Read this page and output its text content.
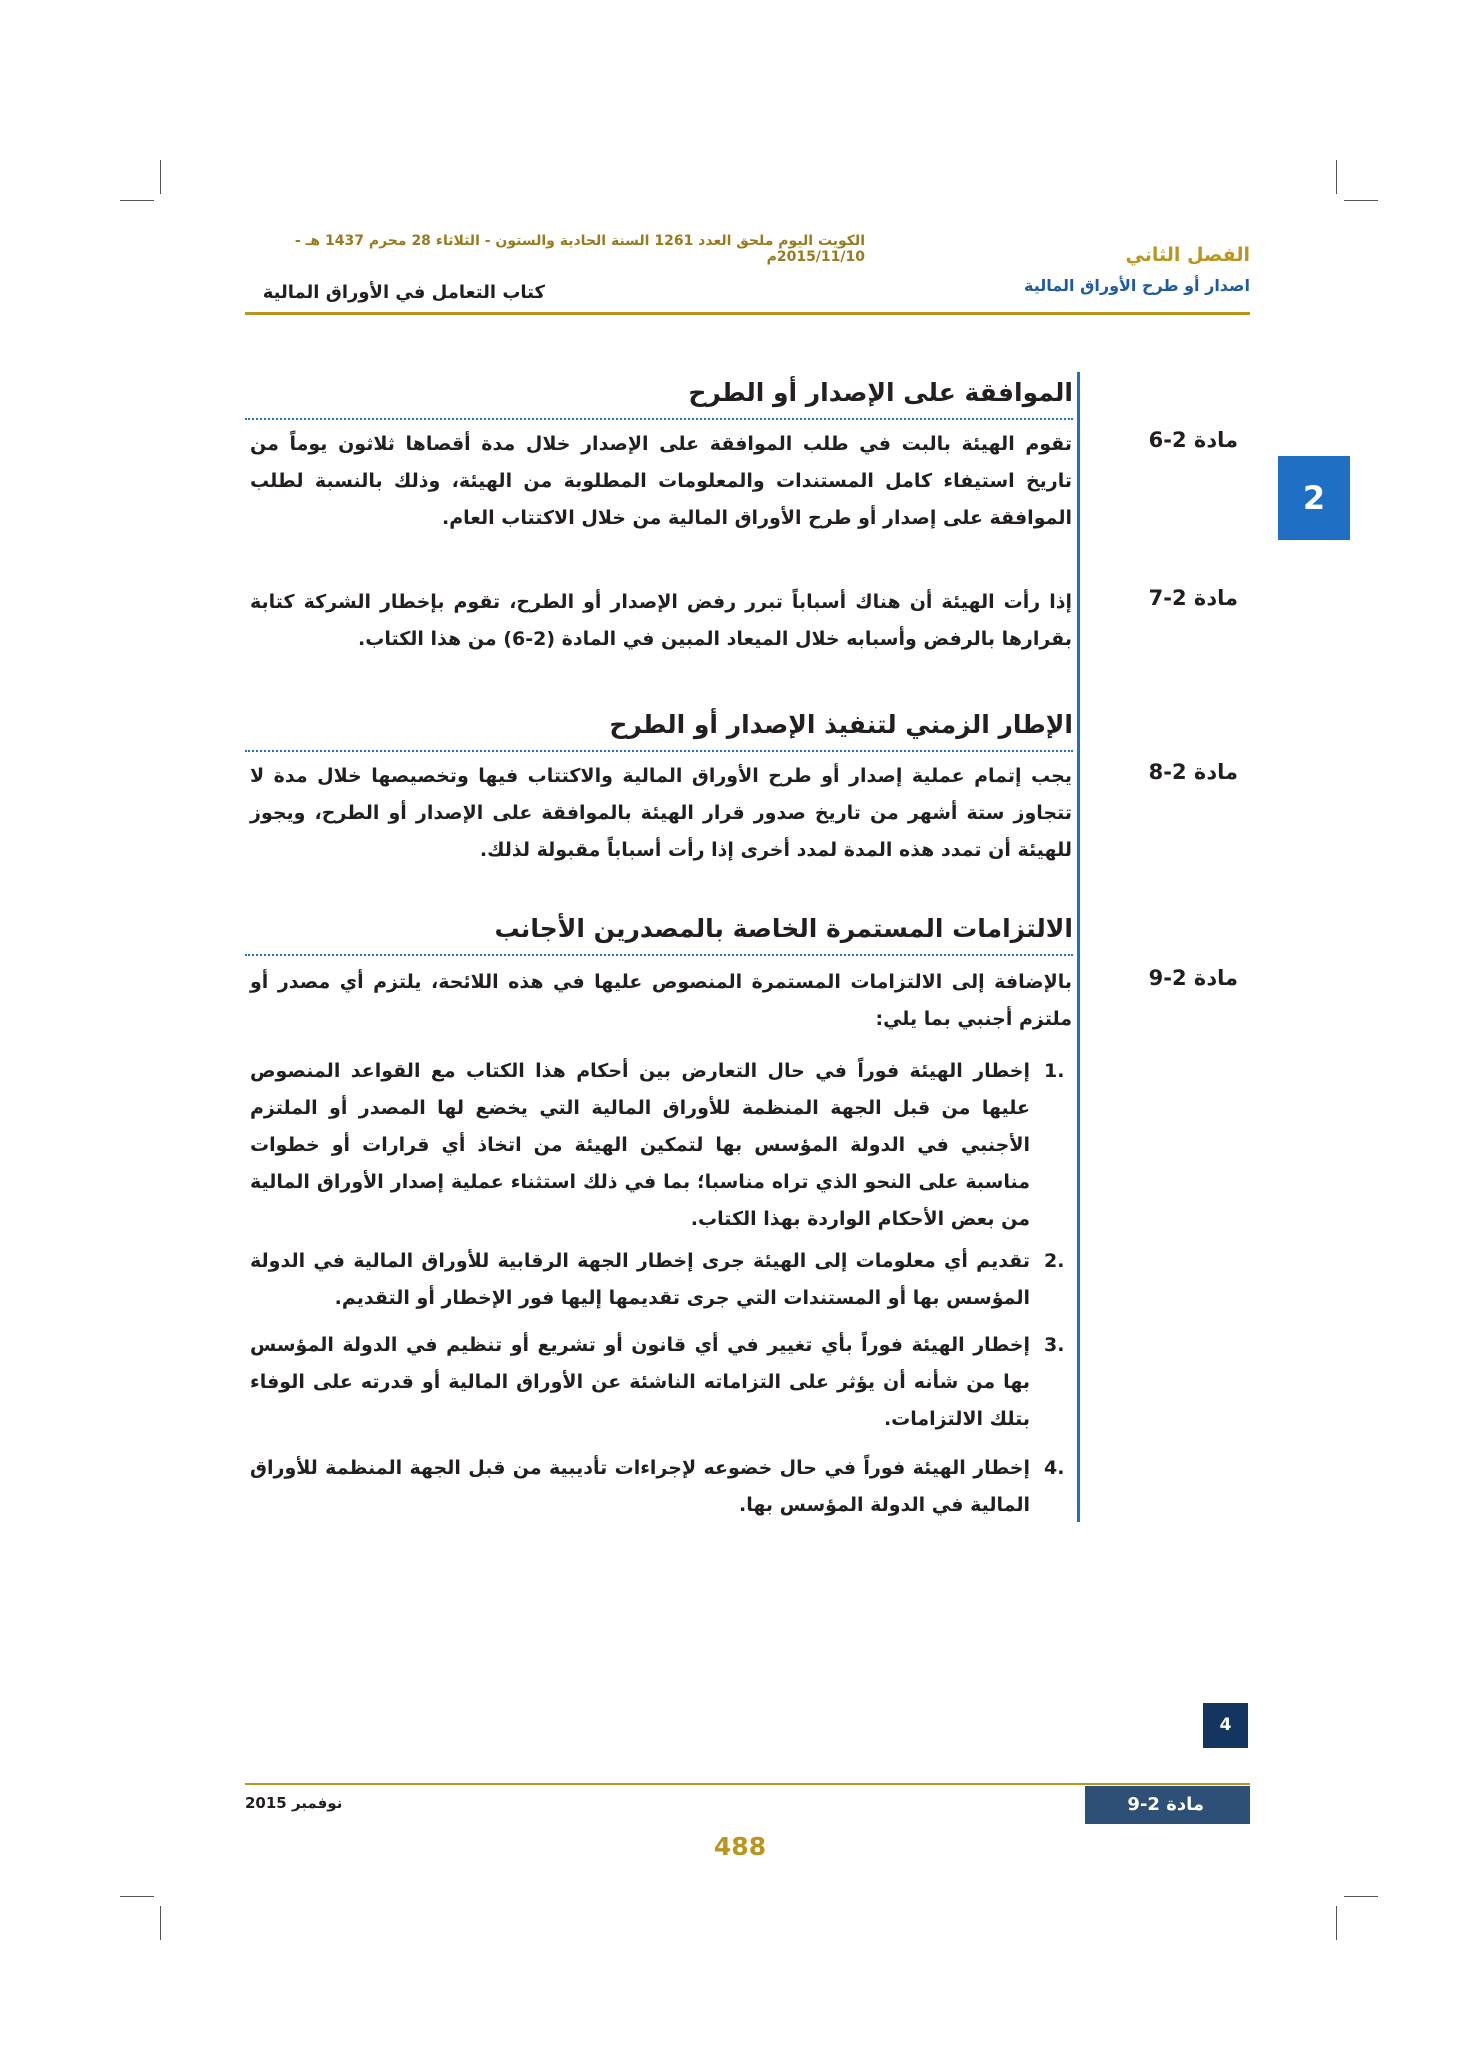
الكويت اليوم ملحق العدد 1261 السنة الحادية والستون - الثلاثاء 28 محرم 1437 هـ - 2015/11/10م	الفصل الثاني
اصدار أو طرح الأوراق المالية
كتاب التعامل في الأوراق المالية
2
الموافقة على الإصدار أو الطرح
مادة 2-6
تقوم الهيئة بالبت في طلب الموافقة على الإصدار خلال مدة أقصاها ثلاثون يوماً من تاريخ استيفاء كامل المستندات والمعلومات المطلوبة من الهيئة، وذلك بالنسبة لطلب الموافقة على إصدار أو طرح الأوراق المالية من خلال الاكتتاب العام.
مادة 2-7
إذا رأت الهيئة أن هناك أسباباً تبرر رفض الإصدار أو الطرح، تقوم بإخطار الشركة كتابة بقرارها بالرفض وأسبابه خلال الميعاد المبين في المادة (2-6) من هذا الكتاب.
الإطار الزمني لتنفيذ الإصدار أو الطرح
مادة 2-8
يجب إتمام عملية إصدار أو طرح الأوراق المالية والاكتتاب فيها وتخصيصها خلال مدة لا تتجاوز ستة أشهر من تاريخ صدور قرار الهيئة بالموافقة على الإصدار أو الطرح، ويجوز للهيئة أن تمدد هذه المدة لمدد أخرى إذا رأت أسباباً مقبولة لذلك.
الالتزامات المستمرة الخاصة بالمصدرين الأجانب
مادة 2-9
بالإضافة إلى الالتزامات المستمرة المنصوص عليها في هذه اللائحة، يلتزم أي مصدر أو ملتزم أجنبي بما يلي:
1.
إخطار الهيئة فوراً في حال التعارض بين أحكام هذا الكتاب مع القواعد المنصوص عليها من قبل الجهة المنظمة للأوراق المالية التي يخضع لها المصدر أو الملتزم الأجنبي في الدولة المؤسس بها لتمكين الهيئة من اتخاذ أي قرارات أو خطوات مناسبة على النحو الذي تراه مناسبا؛ بما في ذلك استثناء عملية إصدار الأوراق المالية من بعض الأحكام الواردة بهذا الكتاب.
2.
تقديم أي معلومات إلى الهيئة جرى إخطار الجهة الرقابية للأوراق المالية في الدولة المؤسس بها أو المستندات التي جرى تقديمها إليها فور الإخطار أو التقديم.
3.
إخطار الهيئة فوراً بأي تغيير في أي قانون أو تشريع أو تنظيم في الدولة المؤسس بها من شأنه أن يؤثر على التزاماته الناشئة عن الأوراق المالية أو قدرته على الوفاء بتلك الالتزامات.
4.
إخطار الهيئة فوراً في حال خضوعه لإجراءات تأديبية من قبل الجهة المنظمة للأوراق المالية في الدولة المؤسس بها.
4
نوفمبر 2015	مادة 2-9
488
